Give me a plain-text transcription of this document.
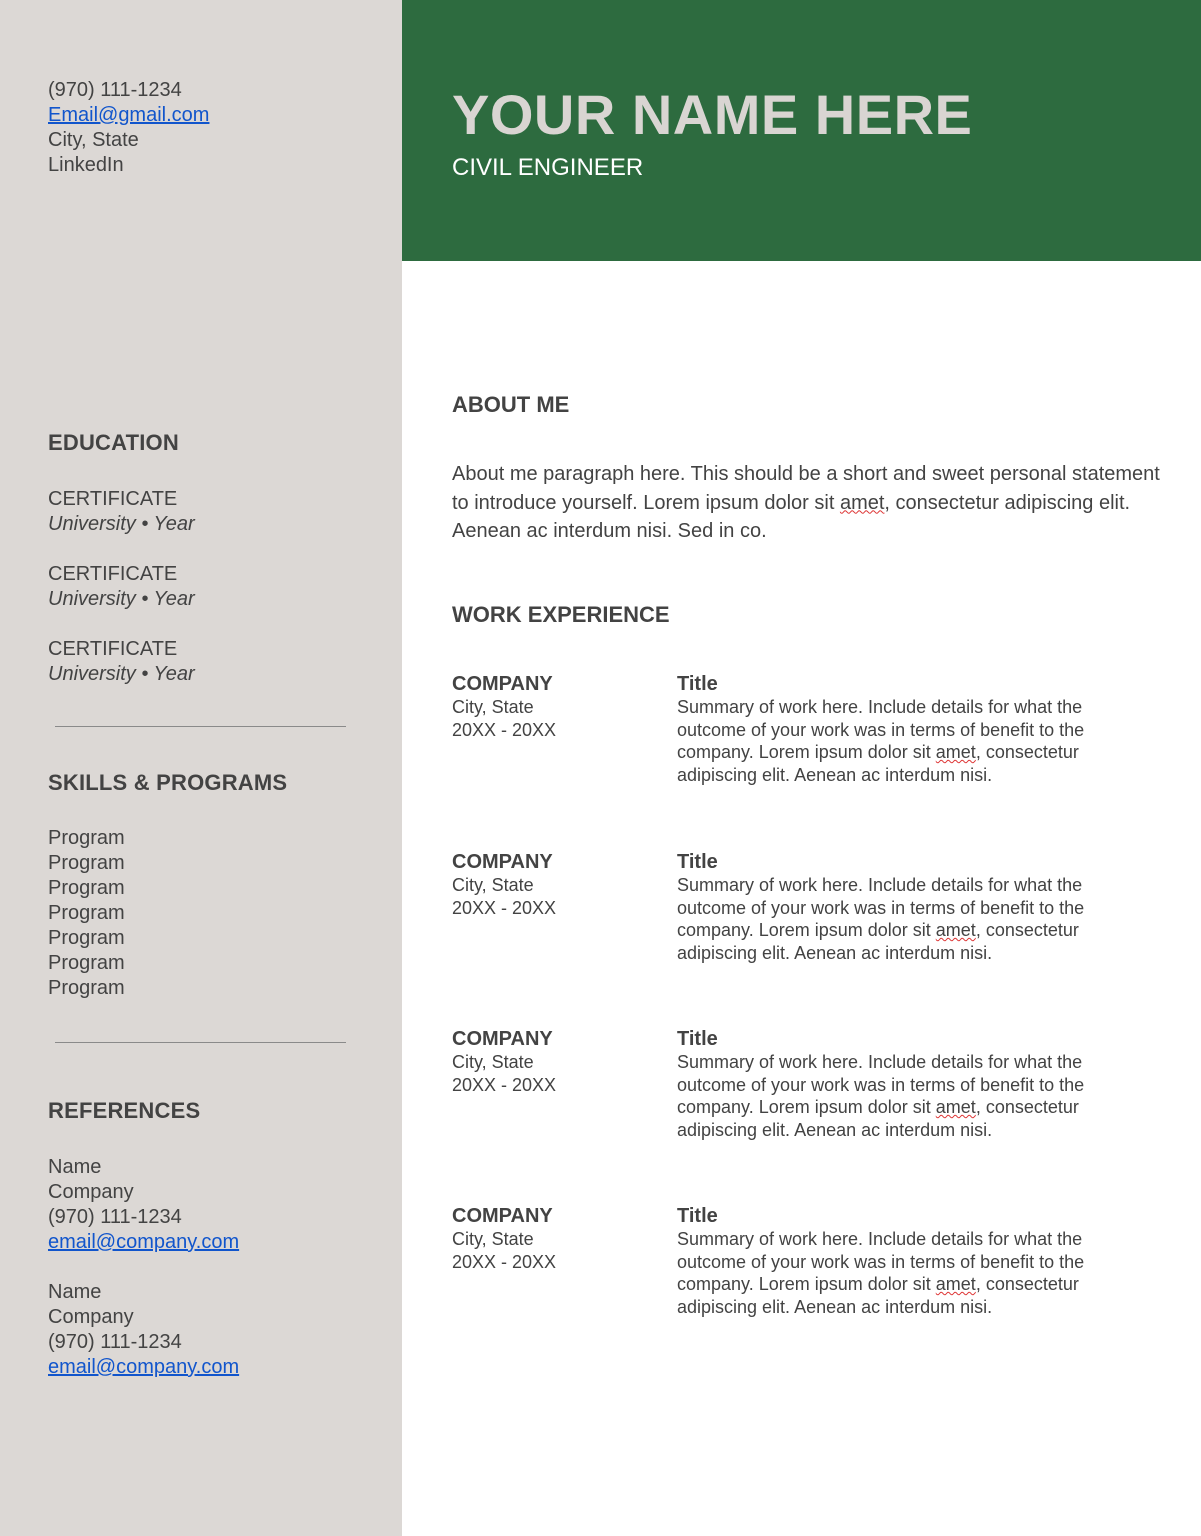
(970) 111-1234
Email@gmail.com
City, State
LinkedIn
YOUR NAME HERE
CIVIL ENGINEER
EDUCATION
CERTIFICATE
University • Year
CERTIFICATE
University • Year
CERTIFICATE
University • Year
SKILLS & PROGRAMS
Program
Program
Program
Program
Program
Program
Program
REFERENCES
Name
Company
(970) 111-1234
email@company.com
Name
Company
(970) 111-1234
email@company.com
ABOUT ME
About me paragraph here. This should be a short and sweet personal statement to introduce yourself. Lorem ipsum dolor sit amet, consectetur adipiscing elit. Aenean ac interdum nisi. Sed in co.
WORK EXPERIENCE
COMPANY
City, State
20XX - 20XX
Title
Summary of work here. Include details for what the outcome of your work was in terms of benefit to the company. Lorem ipsum dolor sit amet, consectetur adipiscing elit. Aenean ac interdum nisi.
COMPANY
City, State
20XX - 20XX
Title
Summary of work here. Include details for what the outcome of your work was in terms of benefit to the company. Lorem ipsum dolor sit amet, consectetur adipiscing elit. Aenean ac interdum nisi.
COMPANY
City, State
20XX - 20XX
Title
Summary of work here. Include details for what the outcome of your work was in terms of benefit to the company. Lorem ipsum dolor sit amet, consectetur adipiscing elit. Aenean ac interdum nisi.
COMPANY
City, State
20XX - 20XX
Title
Summary of work here. Include details for what the outcome of your work was in terms of benefit to the company. Lorem ipsum dolor sit amet, consectetur adipiscing elit. Aenean ac interdum nisi.
